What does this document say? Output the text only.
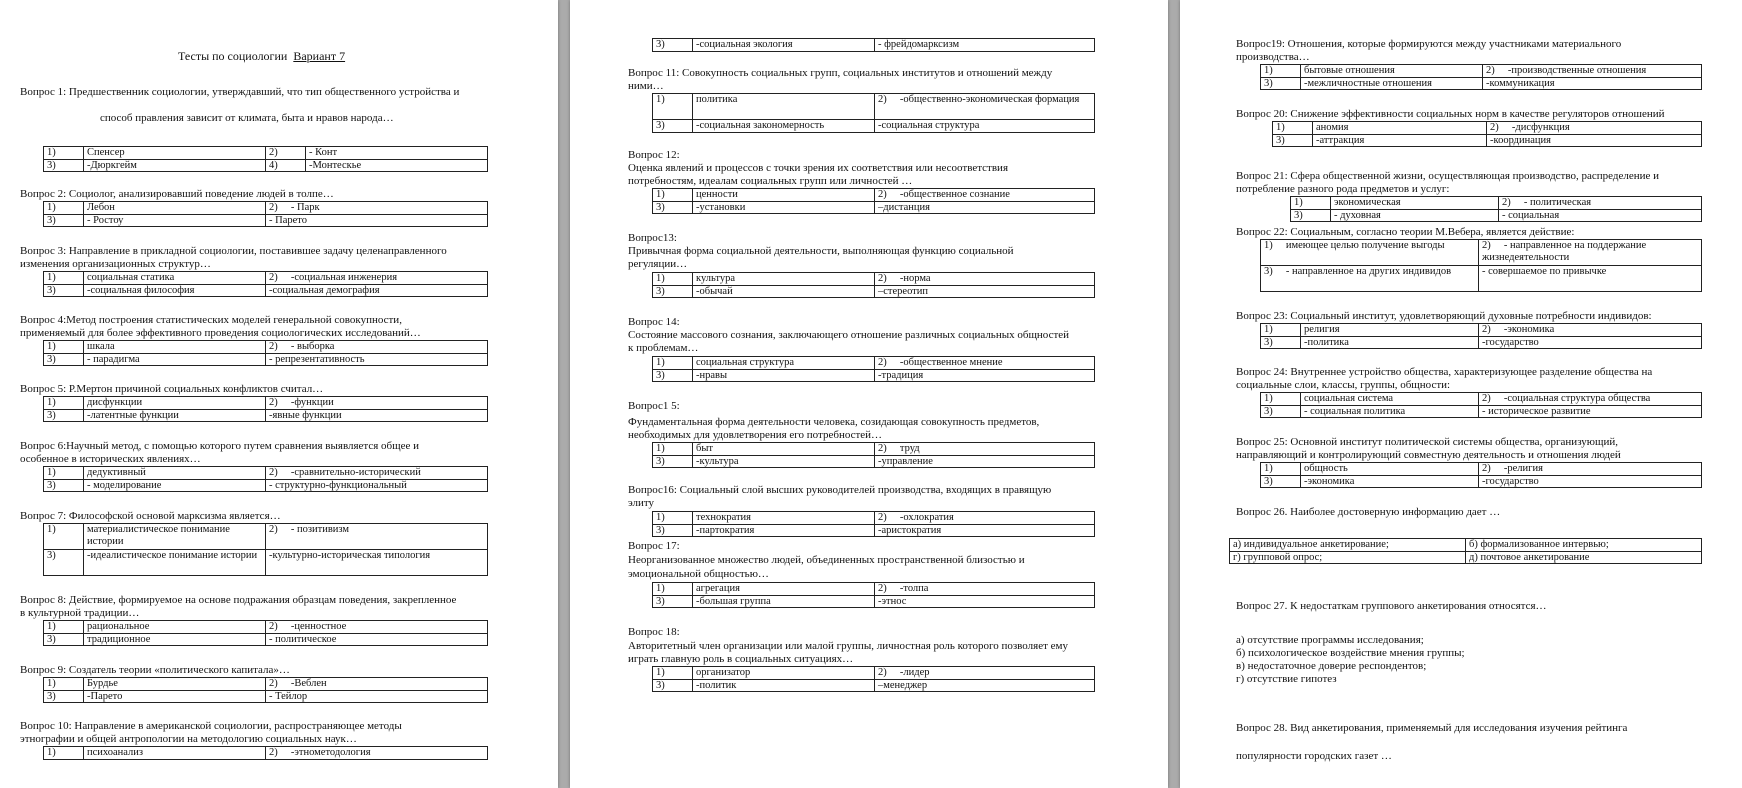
Тесты по социологии Вариант 7
Вопрос 1: Предшественник социологии, утверждавший, что тип общественного устройства и
способ правления зависит от климата, быта и нравов народа…
1)	Спенсер	2)	- Конт
3)	-Дюркгейм	4)	-Монтескье
Вопрос 2: Социолог, анализировавший поведение людей в толпе…
1)	Лебон	2) - Парк
3)	- Ростоу	- Парето
Вопрос 3: Направление в прикладной социологии, поставившее задачу целенаправленного
изменения организационных структур…
1)	социальная статика	2) -социальная инженерия
3)	-социальная философия	-социальная демография
Вопрос 4:Метод построения статистических моделей генеральной совокупности,
применяемый для более эффективного проведения социологических исследований…
1)	шкала	2) - выборка
3)	- парадигма	- репрезентативность
Вопрос 5: Р.Мертон причиной социальных конфликтов считал…
1)	дисфункции	2) -функции
3)	-латентные функции	-явные функции
Вопрос 6:Научный метод, с помощью которого путем сравнения выявляется общее и
особенное в исторических явлениях…
1)	дедуктивный	2) -сравнительно-исторический
3)	- моделирование	- структурно-функциональный
Вопрос 7: Философской основой марксизма является…
1)	материалистическое понимание истории	2) - позитивизм
3)	-идеалистическое понимание истории	-культурно-историческая типология
Вопрос 8: Действие, формируемое на основе подражания образцам поведения, закрепленное
в культурной традиции…
1)	рациональное	2) -ценностное
3)	традиционное	- политическое
Вопрос 9: Создатель теории «политического капитала»…
1)	Бурдье	2) -Веблен
3)	-Парето	- Тейлор
Вопрос 10: Направление в американской социологии, распространяющее методы
этнографии и общей антропологии на методологию социальных наук…
1)	психоанализ	2) -этнометодология
3)	-социальная экология	- фрейдомарксизм
Вопрос 11: Совокупность социальных групп, социальных институтов и отношений между
ними…
1)	политика	2) -общественно-экономическая формация
3)	-социальная закономерность	-социальная структура
Вопрос 12:
Оценка явлений и процессов с точки зрения их соответствия или несоответствия
потребностям, идеалам социальных групп или личностей …
1)	ценности	2) -общественное сознание
3)	-установки	–дистанция
Вопрос13:
Привычная форма социальной деятельности, выполняющая функцию социальной
регуляции…
1)	культура	2) -норма
3)	-обычай	–стереотип
Вопрос 14:
Состояние массового сознания, заключающего отношение различных социальных общностей
к проблемам…
1)	социальная структура	2) -общественное мнение
3)	-нравы	-традиция
Вопрос1 5:
Фундаментальная форма деятельности человека, созидающая совокупность предметов,
необходимых для удовлетворения его потребностей…
1)	быт	2) труд
3)	-культура	-управление
Вопрос16: Социальный слой высших руководителей производства, входящих в правящую
элиту
1)	технократия	2) -охлократия
3)	-партократия	-аристократия
Вопрос 17:
Неорганизованное множество людей, объединенных пространственной близостью и
эмоциональной общностью…
1)	агрегация	2) -толпа
3)	-большая группа	-этнос
Вопрос 18:
Авторитетный член организации или малой группы, личностная роль которого позволяет ему
играть главную роль в социальных ситуациях…
1)	организатор	2) -лидер
3)	-политик	–менеджер
Вопрос19: Отношения, которые формируются между участниками материального
производства…
1)	бытовые отношения	2) -производственные отношения
3)	-межличностные отношения	-коммуникация
Вопрос 20: Снижение эффективности социальных норм в качестве регуляторов отношений
1)	аномия	2) -дисфункция
3)	-аттракция	-координация
Вопрос 21: Сфера общественной жизни, осуществляющая производство, распределение и
потребление разного рода предметов и услуг:
1)	экономическая	2) - политическая
3)	- духовная	- социальная
Вопрос 22: Социальным, согласно теории М.Вебера, является действие:
1) имеющее целью получение выгоды	2) - направленное на поддержание жизнедеятельности
3) - направленное на других индивидов	- совершаемое по привычке
Вопрос 23: Социальный институт, удовлетворяющий духовные потребности индивидов:
1)	религия	2) -экономика
3)	-политика	-государство
Вопрос 24: Внутреннее устройство общества, характеризующее разделение общества на
социальные слои, классы, группы, общности:
1)	социальная система	2) -социальная структура общества
3)	- социальная политика	- историческое развитие
Вопрос 25: Основной институт политической системы общества, организующий,
направляющий и контролирующий совместную деятельность и отношения людей
1)	общность	2) -религия
3)	-экономика	-государство
Вопрос 26. Наиболее достоверную информацию дает …
а) индивидуальное анкетирование;	б) формализованное интервью;
г) групповой опрос;	д) почтовое анкетирование
Вопрос 27. К недостаткам группового анкетирования относятся…
а) отсутствие программы исследования;
б) психологическое воздействие мнения группы;
в) недостаточное доверие респондентов;
г) отсутствие гипотез
Вопрос 28. Вид анкетирования, применяемый для исследования изучения рейтинга
популярности городских газет …
